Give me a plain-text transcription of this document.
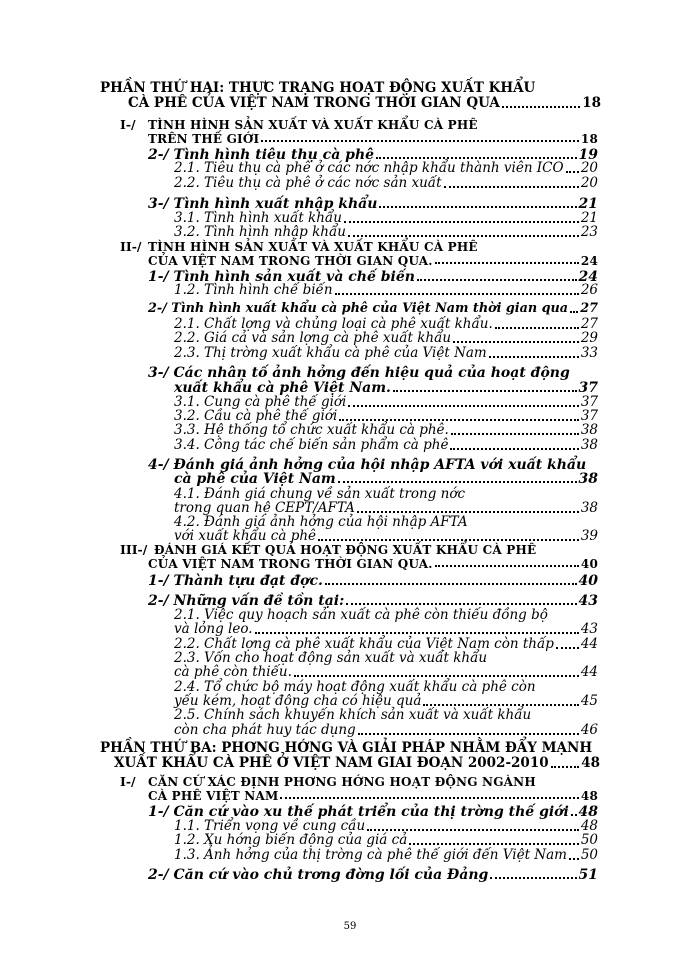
PHẦN THỨ HAI: THỰC TRẠNG HOẠT ĐỘNG XUẤT KHẨU
CÀ PHÊ CỦA VIỆT NAM TRONG THỜI GIAN QUA	18
I-/ TÌNH HÌNH SẢN XUẤT VÀ XUẤT KHẨU CÀ PHÊ
TRÊN THẾ GIỚI	18
2-/ Tình hình tiêu thụ cà phê	19
2.1. Tiêu thụ cà phê ở các nớc nhập khẩu thành viên ICO 20
2.2. Tiêu thụ cà phê ở các nớc sản xuất	20
3-/ Tình hình xuất nhập khẩu	21
3.1. Tình hình xuất khẩu	21
3.2. Tình hình nhập khẩu	23
II-/ TÌNH HÌNH SẢN XUẤT VÀ XUẤT KHẨU CÀ PHÊ
CỦA VIỆT NAM TRONG THỜI GIAN QUA.	24
1-/ Tình hình sản xuất và chế biến	24
1.2. Tình hình chế biến	26
2-/ Tình hình xuất khẩu cà phê của Việt Nam thời gian qua 27
2.1. Chất lợng và chủng loại cà phê xuất khẩu.	27
2.2. Giá cả và sản lợng cà phê xuất khẩu	29
2.3. Thị trờng xuất khẩu cà phê của Việt Nam	33
3-/ Các nhân tố ảnh hởng đến hiệu quả của hoạt động
xuất khẩu cà phê Việt Nam.	37
3.1. Cung cà phê thế giới	37
3.2. Cầu cà phê thế giới	37
3.3. Hệ thống tổ chức xuất khẩu cà phê.	38
3.4. Công tác chế biến sản phẩm cà phê	38
4-/ Đánh giá ảnh hởng của hội nhập AFTA với xuất khẩu
cà phê của Việt Nam	38
4.1. Đánh giá chung về sản xuất trong nớc
trong quan hệ CEPT/AFTA	38
4.2. Đánh giá ảnh hởng của hội nhập AFTA
với xuất khẩu cà phê	39
III-/ ĐÁNH GIÁ KẾT QUẢ HOẠT ĐỘNG XUẤT KHẨU CÀ PHÊ
CỦA VIỆT NAM TRONG THỜI GIAN QUA.	40
1-/ Thành tựu đạt đợc.	40
2-/ Những vấn đề tồn tại:	43
2.1. Việc quy hoạch sản xuất cà phê còn thiếu đồng bộ
và lỏng leo.	43
2.2. Chất lợng cà phê xuất khẩu của Việt Nam còn thấp 44
2.3. Vốn cho hoạt động sản xuất và xuất khẩu
cà phê còn thiếu.	44
2.4. Tổ chức bộ máy hoạt động xuất khẩu cà phê còn
yếu kém, hoạt động cha có hiệu quả	45
2.5. Chính sách khuyến khích sản xuất và xuất khẩu
còn cha phát huy tác dụng	46
PHẦN THỨ BA: PHƠNG HỚNG VÀ GIẢI PHÁP NHẰM ĐẨY MẠNH
XUẤT KHẨU CÀ PHÊ Ở VIỆT NAM GIAI ĐOẠN 2002-2010 48
I-/ CĂN CỨ XÁC ĐỊNH PHƠNG HỚNG HOẠT ĐỘNG NGÀNH
CÀ PHÊ VIỆT NAM	48
1-/ Căn cứ vào xu thế phát triển của thị trờng thế giới 48
1.1. Triển vọng về cung cầu	48
1.2. Xu hớng biến động của giá cả	50
1.3. Ảnh hởng của thị trờng cà phê thế giới đến Việt Nam 50
2-/ Căn cứ vào chủ trơng đờng lối của Đảng	51
59
